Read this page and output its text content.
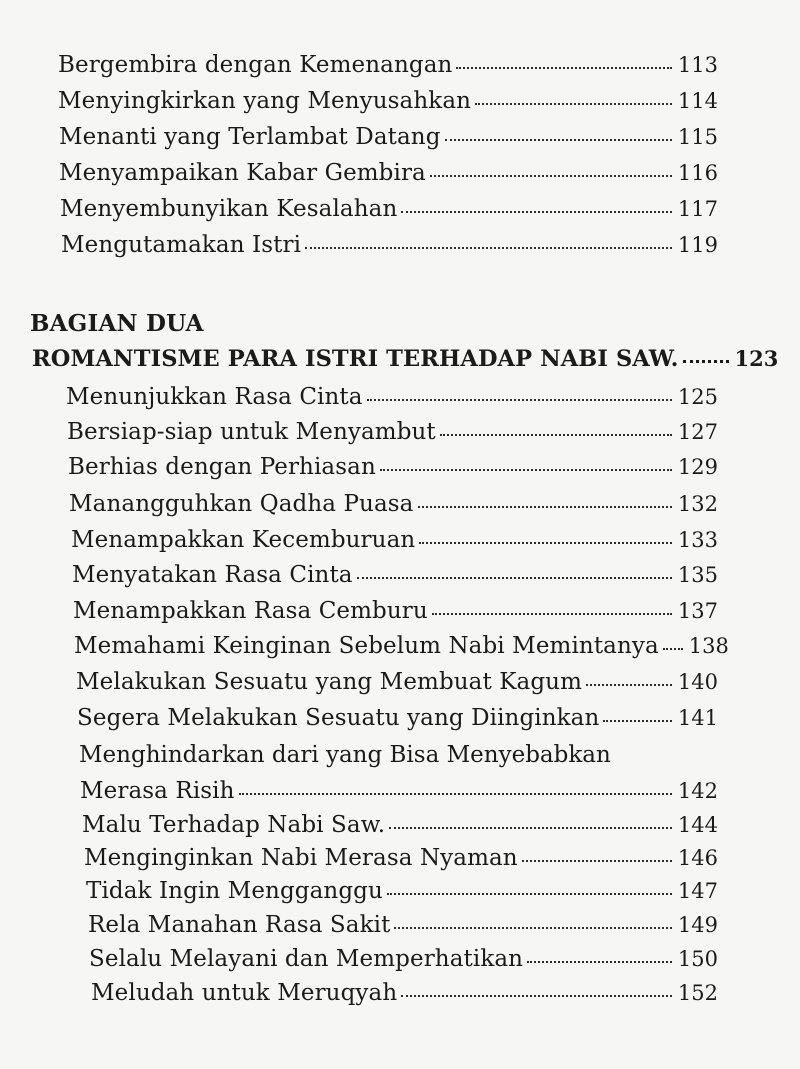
Bergembira dengan Kemenangan	113
Menyingkirkan yang Menyusahkan	114
Menanti yang Terlambat Datang	115
Menyampaikan Kabar Gembira	116
Menyembunyikan Kesalahan	117
Mengutamakan Istri	119
BAGIAN DUA
ROMANTISME PARA ISTRI TERHADAP NABI SAW.	123
Menunjukkan Rasa Cinta	125
Bersiap-siap untuk Menyambut	127
Berhias dengan Perhiasan	129
Manangguhkan Qadha Puasa	132
Menampakkan Kecemburuan	133
Menyatakan Rasa Cinta	135
Menampakkan Rasa Cemburu	137
Memahami Keinginan Sebelum Nabi Memintanya 138
Melakukan Sesuatu yang Membuat Kagum	140
Segera Melakukan Sesuatu yang Diinginkan	141
Menghindarkan dari yang Bisa Menyebabkan
Merasa Risih	142
Malu Terhadap Nabi Saw.	144
Menginginkan Nabi Merasa Nyaman	146
Tidak Ingin Mengganggu	147
Rela Manahan Rasa Sakit	149
Selalu Melayani dan Memperhatikan	150
Meludah untuk Meruqyah	152
